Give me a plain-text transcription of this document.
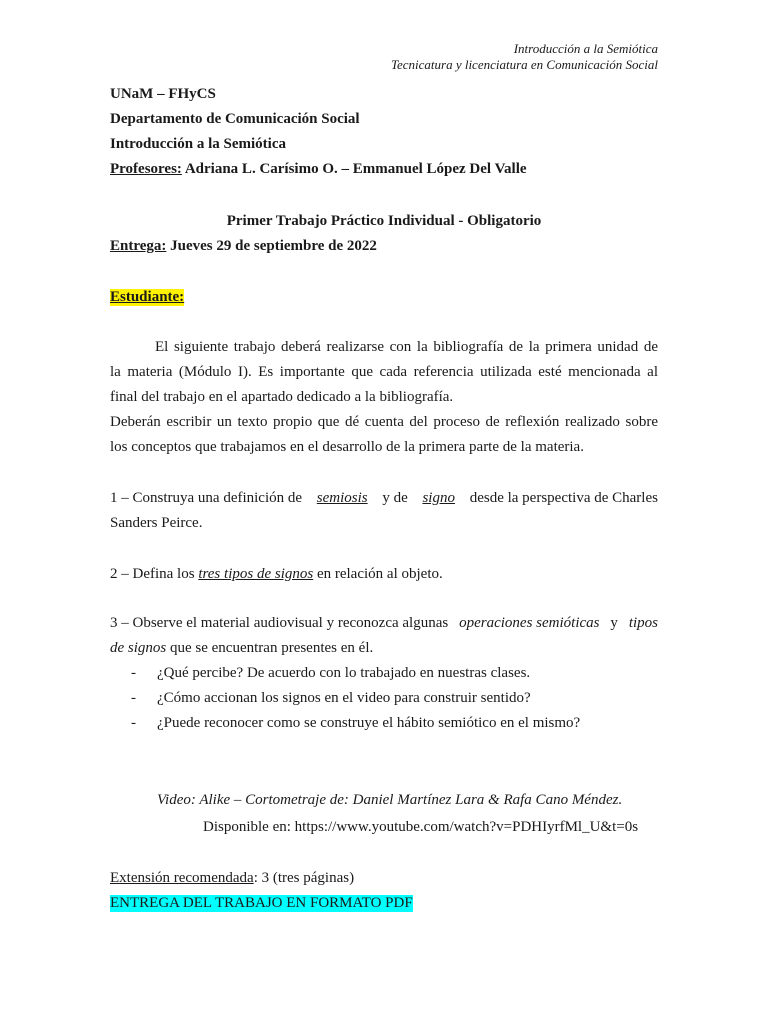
Introducción a la Semiótica
Tecnicatura y licenciatura en Comunicación Social
UNaM – FHyCS
Departamento de Comunicación Social
Introducción a la Semiótica
Profesores: Adriana L. Carísimo O. – Emmanuel López Del Valle
Primer Trabajo Práctico Individual - Obligatorio
Entrega: Jueves 29 de septiembre de 2022
Estudiante:
El siguiente trabajo deberá realizarse con la bibliografía de la primera unidad de
la materia (Módulo I). Es importante que cada referencia utilizada esté mencionada al
final del trabajo en el apartado dedicado a la bibliografía.
Deberán escribir un texto propio que dé cuenta del proceso de reflexión realizado sobre
los conceptos que trabajamos en el desarrollo de la primera parte de la materia.
1 – Construya una definición de semiosis y de signo desde la perspectiva de Charles
Sanders Peirce.
2 – Defina los tres tipos de signos en relación al objeto.
3 – Observe el material audiovisual y reconozca algunas operaciones semióticas y tipos
de signos que se encuentran presentes en él.
- ¿Qué percibe? De acuerdo con lo trabajado en nuestras clases.
- ¿Cómo accionan los signos en el video para construir sentido?
- ¿Puede reconocer como se construye el hábito semiótico en el mismo?
Video: Alike – Cortometraje de: Daniel Martínez Lara & Rafa Cano Méndez.
Disponible en: https://www.youtube.com/watch?v=PDHIyrfMl_U&t=0s
Extensión recomendada: 3 (tres páginas)
ENTREGA DEL TRABAJO EN FORMATO PDF
